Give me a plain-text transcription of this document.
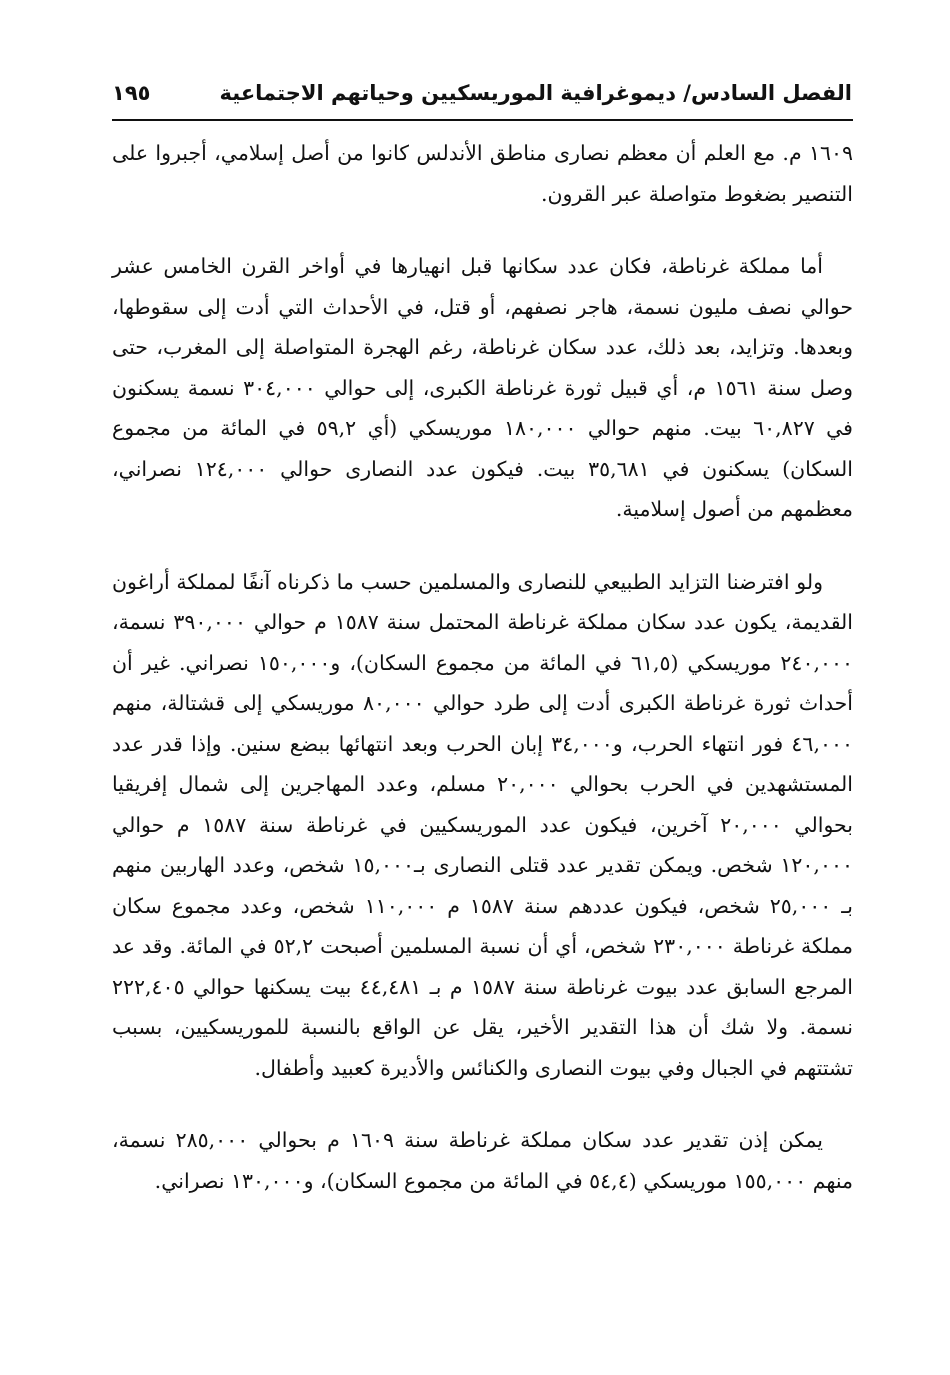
الفصل السادس/ ديموغرافية الموريسكيين وحياتهم الاجتماعية
١٩٥

١٦٠٩ م. مع العلم أن معظم نصارى مناطق الأندلس كانوا من أصل إسلامي، أجبروا على التنصير بضغوط متواصلة عبر القرون.

أما مملكة غرناطة، فكان عدد سكانها قبل انهيارها في أواخر القرن الخامس عشر حوالي نصف مليون نسمة، هاجر نصفهم، أو قتل، في الأحداث التي أدت إلى سقوطها، وبعدها. وتزايد، بعد ذلك، عدد سكان غرناطة، رغم الهجرة المتواصلة إلى المغرب، حتى وصل سنة ١٥٦١ م، أي قبيل ثورة غرناطة الكبرى، إلى حوالي ٣٠٤,٠٠٠ نسمة يسكنون في ٦٠,٨٢٧ بيت. منهم حوالي ١٨٠,٠٠٠ موريسكي (أي ٥٩,٢ في المائة من مجموع السكان) يسكنون في ٣٥,٦٨١ بيت. فيكون عدد النصارى حوالي ١٢٤,٠٠٠ نصراني، معظمهم من أصول إسلامية.

ولو افترضنا التزايد الطبيعي للنصارى والمسلمين حسب ما ذكرناه آنفًا لمملكة أراغون القديمة، يكون عدد سكان مملكة غرناطة المحتمل سنة ١٥٨٧ م حوالي ٣٩٠,٠٠٠ نسمة، ٢٤٠,٠٠٠ موريسكي (٦١,٥ في المائة من مجموع السكان)، و١٥٠,٠٠٠ نصراني. غير أن أحداث ثورة غرناطة الكبرى أدت إلى طرد حوالي ٨٠,٠٠٠ موريسكي إلى قشتالة، منهم ٤٦,٠٠٠ فور انتهاء الحرب، و٣٤,٠٠٠ إبان الحرب وبعد انتهائها ببضع سنين. وإذا قدر عدد المستشهدين في الحرب بحوالي ٢٠,٠٠٠ مسلم، وعدد المهاجرين إلى شمال إفريقيا بحوالي ٢٠,٠٠٠ آخرين، فيكون عدد الموريسكيين في غرناطة سنة ١٥٨٧ م حوالي ١٢٠,٠٠٠ شخص. ويمكن تقدير عدد قتلى النصارى بـ١٥,٠٠٠ شخص، وعدد الهاربين منهم بـ ٢٥,٠٠٠ شخص، فيكون عددهم سنة ١٥٨٧ م ١١٠,٠٠٠ شخص، وعدد مجموع سكان مملكة غرناطة ٢٣٠,٠٠٠ شخص، أي أن نسبة المسلمين أصبحت ٥٢,٢ في المائة. وقد عد المرجع السابق عدد بيوت غرناطة سنة ١٥٨٧ م بـ ٤٤,٤٨١ بيت يسكنها حوالي ٢٢٢,٤٠٥ نسمة. ولا شك أن هذا التقدير الأخير، يقل عن الواقع بالنسبة للموريسكيين، بسبب تشتتهم في الجبال وفي بيوت النصارى والكنائس والأديرة كعبيد وأطفال.

يمكن إذن تقدير عدد سكان مملكة غرناطة سنة ١٦٠٩ م بحوالي ٢٨٥,٠٠٠ نسمة، منهم ١٥٥,٠٠٠ موريسكي (٥٤,٤ في المائة من مجموع السكان)، و١٣٠,٠٠٠ نصراني.
